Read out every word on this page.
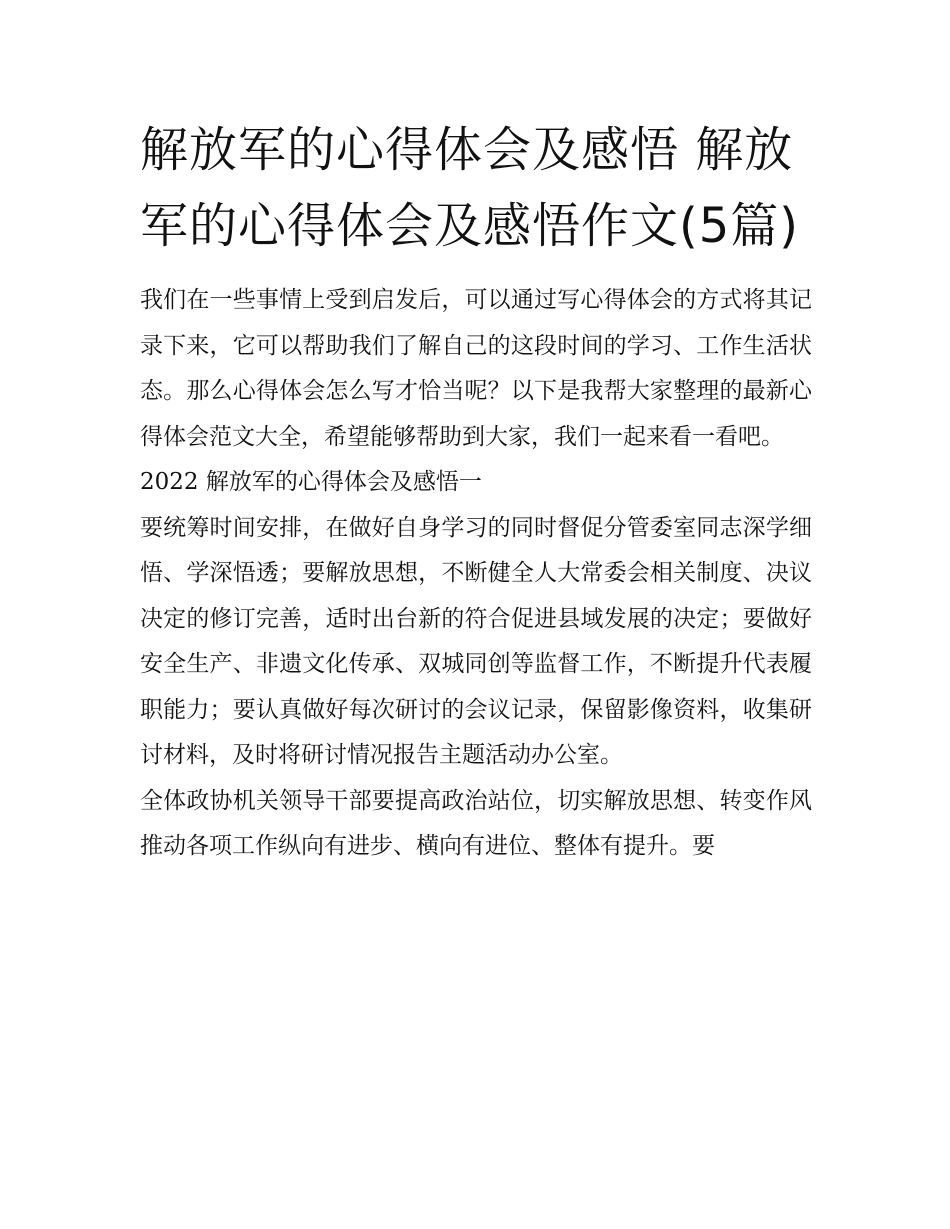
解放军的心得体会及感悟 解放军的心得体会及感悟作文(5篇)

我们在一些事情上受到启发后，可以通过写心得体会的方式将其记录下来，它可以帮助我们了解自己的这段时间的学习、工作生活状态。那么心得体会怎么写才恰当呢？以下是我帮大家整理的最新心得体会范文大全，希望能够帮助到大家，我们一起来看一看吧。

2022 解放军的心得体会及感悟一

要统筹时间安排，在做好自身学习的同时督促分管委室同志深学细悟、学深悟透；要解放思想，不断健全人大常委会相关制度、决议决定的修订完善，适时出台新的符合促进县域发展的决定；要做好安全生产、非遗文化传承、双城同创等监督工作，不断提升代表履职能力；要认真做好每次研讨的会议记录，保留影像资料，收集研讨材料，及时将研讨情况报告主题活动办公室。

全体政协机关领导干部要提高政治站位，切实解放思想、转变作风推动各项工作纵向有进步、横向有进位、整体有提升。要
